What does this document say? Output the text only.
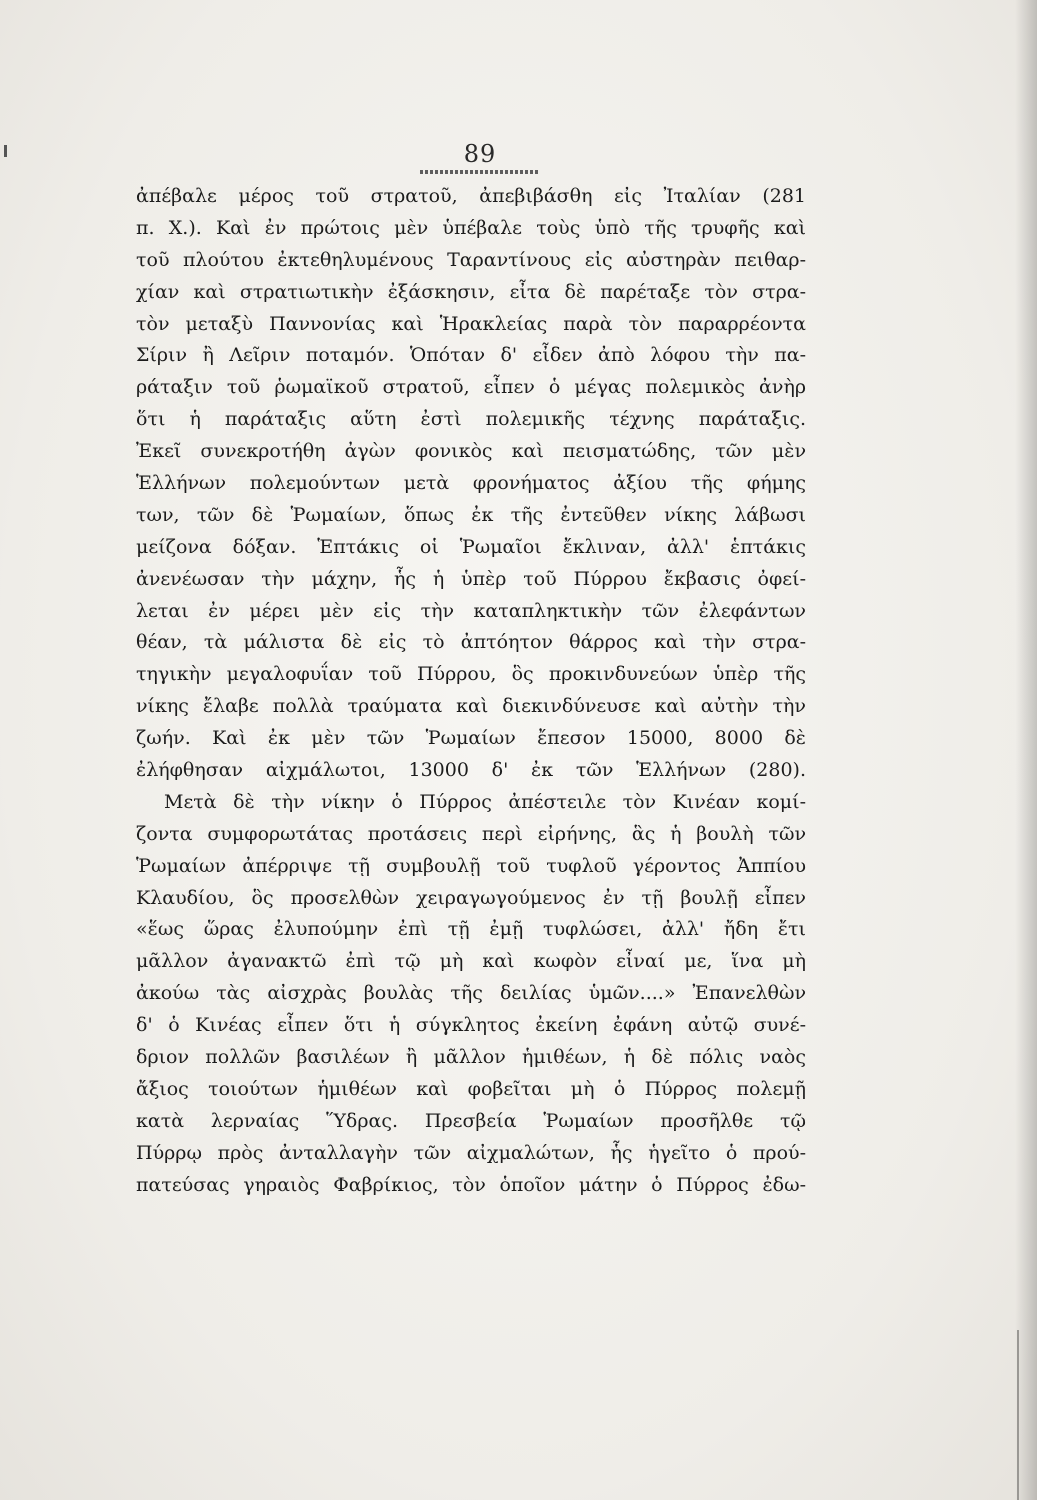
89
ἀπέβαλε μέρος τοῦ στρατοῦ, ἀπεβιβάσθη εἰς Ἰταλίαν (281
π. Χ.). Καὶ ἐν πρώτοις μὲν ὑπέβαλε τοὺς ὑπὸ τῆς τρυφῆς καὶ
τοῦ πλούτου ἐκτεθηλυμένους Ταραντίνους εἰς αὐστηρὰν πειθαρ-
χίαν καὶ στρατιωτικὴν ἐξάσκησιν, εἶτα δὲ παρέταξε τὸν στρα-
τὸν μεταξὺ Παννονίας καὶ Ἡρακλείας παρὰ τὸν παραρρέοντα
Σίριν ἢ Λεῖριν ποταμόν. Ὁπόταν δ' εἶδεν ἀπὸ λόφου τὴν πα-
ράταξιν τοῦ ῥωμαϊκοῦ στρατοῦ, εἶπεν ὁ μέγας πολεμικὸς ἀνὴρ
ὅτι ἡ παράταξις αὕτη ἐστὶ πολεμικῆς τέχνης παράταξις.
Ἐκεῖ συνεκροτήθη ἀγὼν φονικὸς καὶ πεισματώδης, τῶν μὲν
Ἑλλήνων πολεμούντων μετὰ φρονήματος ἀξίου τῆς φήμης
των, τῶν δὲ Ῥωμαίων, ὅπως ἐκ τῆς ἐντεῦθεν νίκης λάβωσι
μείζονα δόξαν. Ἑπτάκις οἱ Ῥωμαῖοι ἔκλιναν, ἀλλ' ἑπτάκις
ἀνενέωσαν τὴν μάχην, ἧς ἡ ὑπὲρ τοῦ Πύρρου ἔκβασις ὀφεί-
λεται ἐν μέρει μὲν εἰς τὴν καταπληκτικὴν τῶν ἐλεφάντων
θέαν, τὰ μάλιστα δὲ εἰς τὸ ἀπτόητον θάρρος καὶ τὴν στρα-
τηγικὴν μεγαλοφυΐαν τοῦ Πύρρου, ὃς προκινδυνεύων ὑπὲρ τῆς
νίκης ἔλαβε πολλὰ τραύματα καὶ διεκινδύνευσε καὶ αὐτὴν τὴν
ζωήν. Καὶ ἐκ μὲν τῶν Ῥωμαίων ἔπεσον 15000, 8000 δὲ
ἐλήφθησαν αἰχμάλωτοι, 13000 δ' ἐκ τῶν Ἑλλήνων (280).
Μετὰ δὲ τὴν νίκην ὁ Πύρρος ἀπέστειλε τὸν Κινέαν κομί-
ζοντα συμφορωτάτας προτάσεις περὶ εἰρήνης, ἃς ἡ βουλὴ τῶν
Ῥωμαίων ἀπέρριψε τῇ συμβουλῇ τοῦ τυφλοῦ γέροντος Ἀππίου
Κλαυδίου, ὃς προσελθὼν χειραγωγούμενος ἐν τῇ βουλῇ εἶπεν
«ἕως ὥρας ἐλυπούμην ἐπὶ τῇ ἐμῇ τυφλώσει, ἀλλ' ἤδη ἔτι
μᾶλλον ἀγανακτῶ ἐπὶ τῷ μὴ καὶ κωφὸν εἶναί με, ἵνα μὴ
ἀκούω τὰς αἰσχρὰς βουλὰς τῆς δειλίας ὑμῶν....» Ἐπανελθὼν
δ' ὁ Κινέας εἶπεν ὅτι ἡ σύγκλητος ἐκείνη ἐφάνη αὐτῷ συνέ-
δριον πολλῶν βασιλέων ἢ μᾶλλον ἡμιθέων, ἡ δὲ πόλις ναὸς
ἄξιος τοιούτων ἡμιθέων καὶ φοβεῖται μὴ ὁ Πύρρος πολεμῇ
κατὰ λερναίας Ὕδρας. Πρεσβεία Ῥωμαίων προσῆλθε τῷ
Πύρρῳ πρὸς ἀνταλλαγὴν τῶν αἰχμαλώτων, ἧς ἡγεῖτο ὁ πρού-
πατεύσας γηραιὸς Φαβρίκιος, τὸν ὁποῖον μάτην ὁ Πύρρος ἐδω-
